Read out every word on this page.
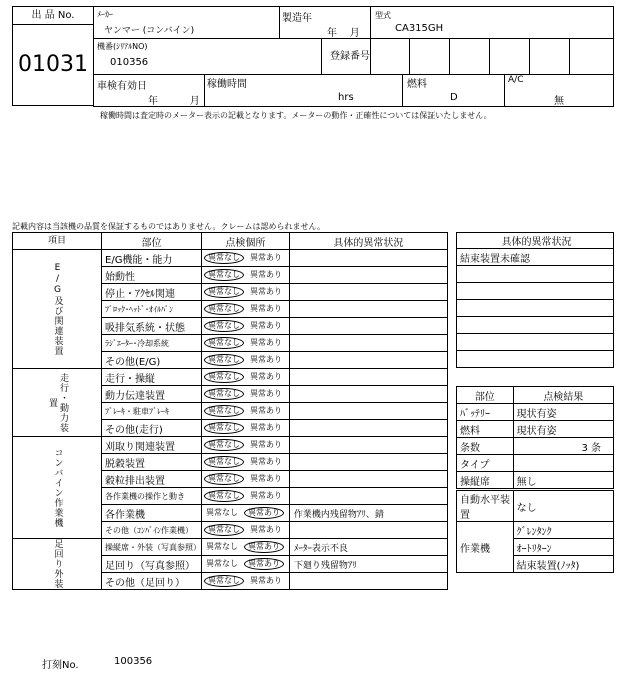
出 品 No.
01031
ﾒｰｶｰ
ヤンマー (コンバイン)
製造年
年    月
型式
CA315GH
機番(ｼﾘｱﾙNO)
010356
登録番号
車検有効日
年          月
稼働時間
hrs
燃料
D
A/C
無
稼働時間は査定時のメーター表示の記載となります。メーターの動作・正確性については保証いたしません。
記載内容は当該機の品質を保証するものではありません。クレームは認められません。
項目	部位	点検個所	具体的異常状況
E/G及び関連装置	E/G機能・能力	異常なし 異常あり	
	始動性	異常なし 異常あり	
	停止・ｱｸｾﾙ関連	異常なし 異常あり	
	ﾌﾞﾛｯｸ･ﾍｯﾄﾞ･ｵｲﾙﾊﾟﾝ	異常なし 異常あり	
	吸排気系統・状態	異常なし 異常あり	
	ﾗｼﾞｴｰﾀｰ･冷却系統	異常なし 異常あり	
	その他(E/G)	異常なし 異常あり	
走行・動力装置	走行・操縦	異常なし 異常あり	
	動力伝達装置	異常なし 異常あり	
	ﾌﾞﾚｰｷ・駐車ﾌﾞﾚｰｷ	異常なし 異常あり	
	その他(走行)	異常なし 異常あり	
コンバイン作業機	刈取り関連装置	異常なし 異常あり	
	脱穀装置	異常なし 異常あり	
	穀粒排出装置	異常なし 異常あり	
	各作業機の操作と動き	異常なし 異常あり	
	各作業機	異常なし 異常あり	作業機内残留物ｱﾘ、錆
	その他（ｺﾝﾊﾞｲﾝ作業機）	異常なし 異常あり	
足回り外装	操縦席・外装（写真参照）	異常なし 異常あり	ﾒｰﾀｰ表示不良
	足回り（写真参照）	異常なし 異常あり	下廻り残留物ｱﾘ
	その他（足回り）	異常なし 異常あり	
具体的異常状況
結束装置未確認

部位	点検結果
ﾊﾞｯﾃﾘｰ	現状有姿
燃料	現状有姿
条数	3 条
タイプ	
操縦席	無し
自動水平装置	なし
作業機	ｸﾞﾚﾝﾀﾝｸ
	ｵｰﾄﾘﾀｰﾝ
	結束装置(ﾉｯﾀ)
打刻No.	100356
